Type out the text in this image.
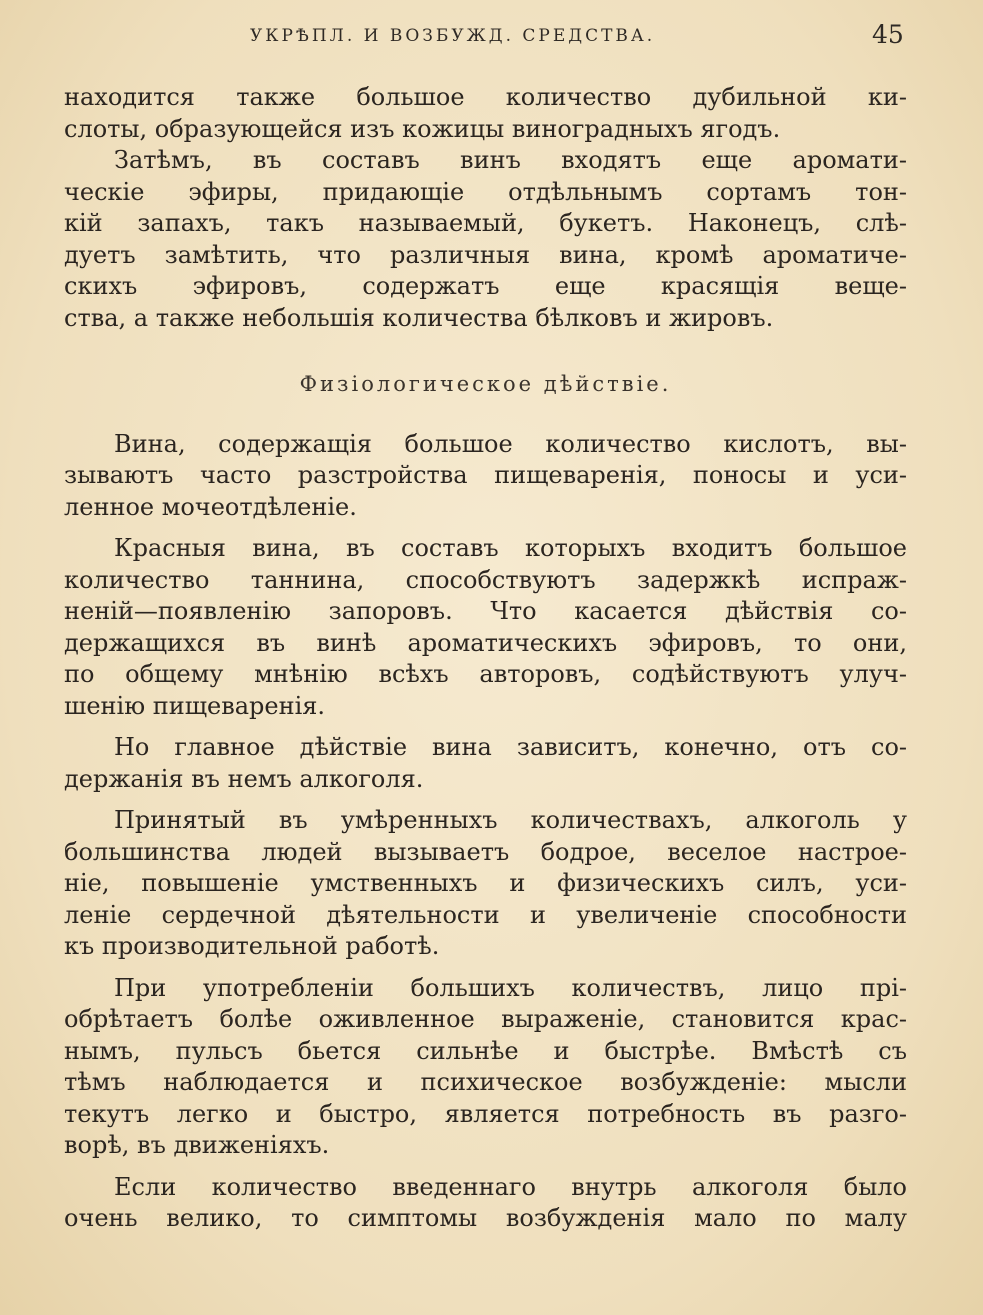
УКРѢПЛ. И ВОЗБУЖД. СРЕДСТВА.	45
находится также большое количество дубильной ки-
слоты, образующейся изъ кожицы виноградныхъ ягодъ.
Затѣмъ, въ составъ винъ входятъ еще аромати-
ческie эфиры, придающie отдѣльнымъ сортамъ тон-
кiй запахъ, такъ называемый, букетъ. Наконецъ, слѣ-
дуетъ замѣтить, что различныя вина, кромѣ ароматиче-
скихъ эфировъ, содержатъ еще красящiя веще-
ства, а также небольшiя количества бѣлковъ и жировъ.
Физiологическое дѣйствie.
Вина, содержащiя большое количество кислотъ, вы-
зываютъ часто разстройства пищеваренiя, поносы и уси-
ленное мочеотдѣленie.
Красныя вина, въ составъ которыхъ входитъ большое
количество таннина, способствуютъ задержкѣ испраж-
ненiй—появленiю запоровъ. Что касается дѣйствiя со-
держащихся въ винѣ ароматическихъ эфировъ, то они,
по общему мнѣнiю всѣхъ авторовъ, содѣйствуютъ улуч-
шенiю пищеваренiя.
Но главное дѣйствie вина зависитъ, конечно, отъ со-
держанiя въ немъ алкоголя.
Принятый въ умѣренныхъ количествахъ, алкоголь у
большинства людей вызываетъ бодрое, веселое настрое-
нie, повышенie умственныхъ и физическихъ силъ, уси-
ленie сердечной дѣятельности и увеличенie способности
къ производительной работѣ.
При употребленiи большихъ количествъ, лицо прi-
обрѣтаетъ болѣе оживленное выраженie, становится крас-
нымъ, пульсъ бьется сильнѣе и быстрѣе. Вмѣстѣ съ
тѣмъ наблюдается и психическое возбужденie: мысли
текутъ легко и быстро, является потребность въ разго-
ворѣ, въ движенiяхъ.
Если количество введеннаго внутрь алкоголя было
очень велико, то симптомы возбужденiя мало по малу
